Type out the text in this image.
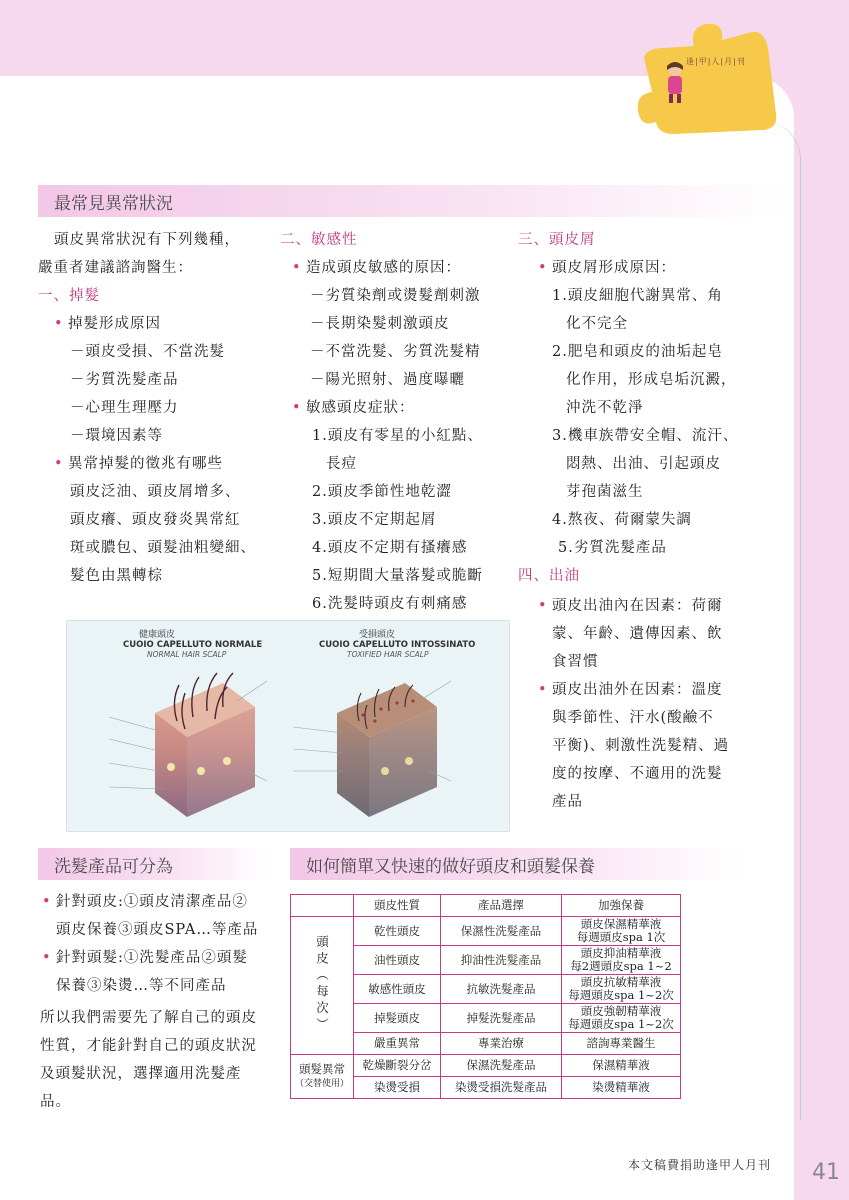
逢|甲|人|月|刊
最常見異常狀況
頭皮異常狀況有下列幾種，
嚴重者建議諮詢醫生：
一、掉髮
• 掉髮形成原因
－頭皮受損、不當洗髮
－劣質洗髮產品
－心理生理壓力
－環境因素等
• 異常掉髮的徵兆有哪些
頭皮泛油、頭皮屑增多、
頭皮癢、頭皮發炎異常紅
斑或膿包、頭髮油粗變細、
髮色由黑轉棕
二、敏感性
• 造成頭皮敏感的原因：
－劣質染劑或燙髮劑刺激
－長期染髮刺激頭皮
－不當洗髮、劣質洗髮精
－陽光照射、過度曝曬
• 敏感頭皮症狀：
1.頭皮有零星的小紅點、
長痘
2.頭皮季節性地乾澀
3.頭皮不定期起屑
4.頭皮不定期有搔癢感
5.短期間大量落髮或脆斷
6.洗髮時頭皮有刺痛感
三、頭皮屑
• 頭皮屑形成原因：
1.頭皮細胞代謝異常、角
化不完全
2.肥皂和頭皮的油垢起皂
化作用，形成皂垢沉澱，
沖洗不乾淨
3.機車族帶安全帽、流汗、
悶熱、出油、引起頭皮
芽孢菌滋生
4.熬夜、荷爾蒙失調
5.劣質洗髮產品
四、出油
• 頭皮出油內在因素：荷爾
蒙、年齡、遺傳因素、飲
食習慣
• 頭皮出油外在因素：溫度
與季節性、汗水(酸鹼不
平衡)、刺激性洗髮精、過
度的按摩、不適用的洗髮
產品
健康頭皮
CUOIO CAPELLUTO NORMALE
NORMAL HAIR SCALP
受損頭皮
CUOIO CAPELLUTO INTOSSINATO
TOXIFIED HAIR SCALP
洗髮產品可分為
• 針對頭皮:①頭皮清潔產品②
頭皮保養③頭皮SPA…等產品
• 針對頭髮:①洗髮產品②頭髮
保養③染燙…等不同產品
所以我們需要先了解自己的頭皮
性質，才能針對自己的頭皮狀況
及頭髮狀況，選擇適用洗髮產
品。
如何簡單又快速的做好頭皮和頭髮保養
	頭皮性質	產品選擇	加強保養
頭皮（每次）	乾性頭皮	保濕性洗髮產品	頭皮保濕精華液
每週頭皮spa 1次
	油性頭皮	抑油性洗髮產品	頭皮抑油精華液
每2週頭皮spa 1~2
	敏感性頭皮	抗敏洗髮產品	頭皮抗敏精華液
每週頭皮spa 1~2次
	掉髮頭皮	掉髮洗髮產品	頭皮強韌精華液
每週頭皮spa 1~2次
	嚴重異常	專業治療	諮詢專業醫生
頭髮異常
（交替使用）	乾燥斷裂分岔	保濕洗髮產品	保濕精華液
	染燙受損	染燙受損洗髮產品	染燙精華液
本文稿費捐助逢甲人月刊 41
